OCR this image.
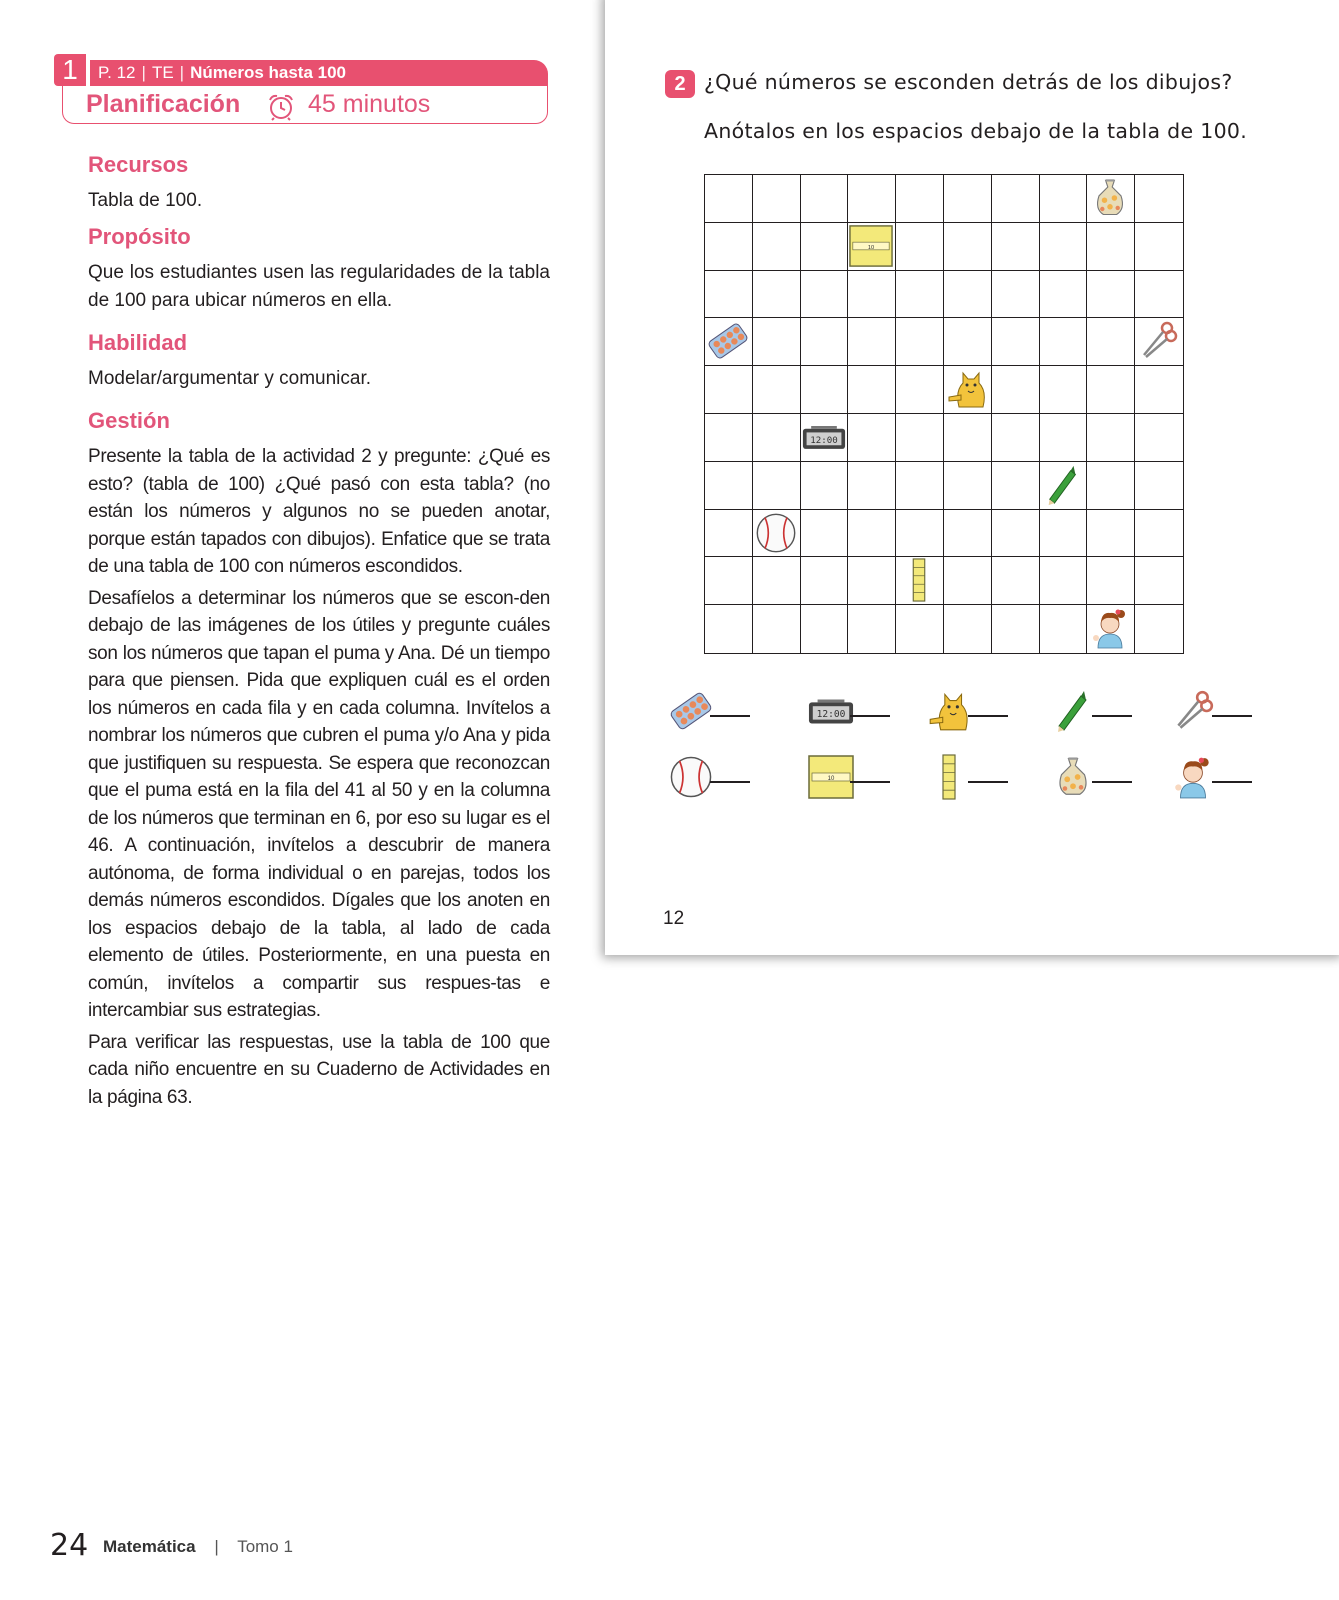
1	P. 12 | TE | Números hasta 100
Planificación	45 minutos
Recursos
Tabla de 100.
Propósito
Que los estudiantes usen las regularidades de la tabla de 100 para ubicar números en ella.
Habilidad
Modelar/argumentar y comunicar.
Gestión

Presente la tabla de la actividad 2 y pregunte: ¿Qué es esto? (tabla de 100) ¿Qué pasó con esta tabla? (no están los números y algunos no se pueden anotar, porque están tapados con dibujos). Enfatice que se trata de una tabla de 100 con números escondidos.

Desafíelos a determinar los números que se escon-den debajo de las imágenes de los útiles y pregunte cuáles son los números que tapan el puma y Ana. Dé un tiempo para que piensen. Pida que expliquen cuál es el orden los números en cada fila y en cada columna. Invítelos a nombrar los números que cubren el puma y/o Ana y pida que justifiquen su respuesta. Se espera que reconozcan que el puma está en la fila del 41 al 50 y en la columna de los números que terminan en 6, por eso su lugar es el 46. A continuación, invítelos a descubrir de manera autónoma, de forma individual o en parejas, todos los demás números escondidos. Dígales que los anoten en los espacios debajo de la tabla, al lado de cada elemento de útiles. Posteriormente, en una puesta en común, invítelos a compartir sus respues-tas e intercambiar sus estrategias.

Para verificar las respuestas, use la tabla de 100 que cada niño encuentre en su Cuaderno de Actividades en la página 63.

2 ¿Qué números se esconden detrás de los dibujos?
Anótalos en los espacios debajo de la tabla de 100.
12
24 Matemática | Tomo 1
